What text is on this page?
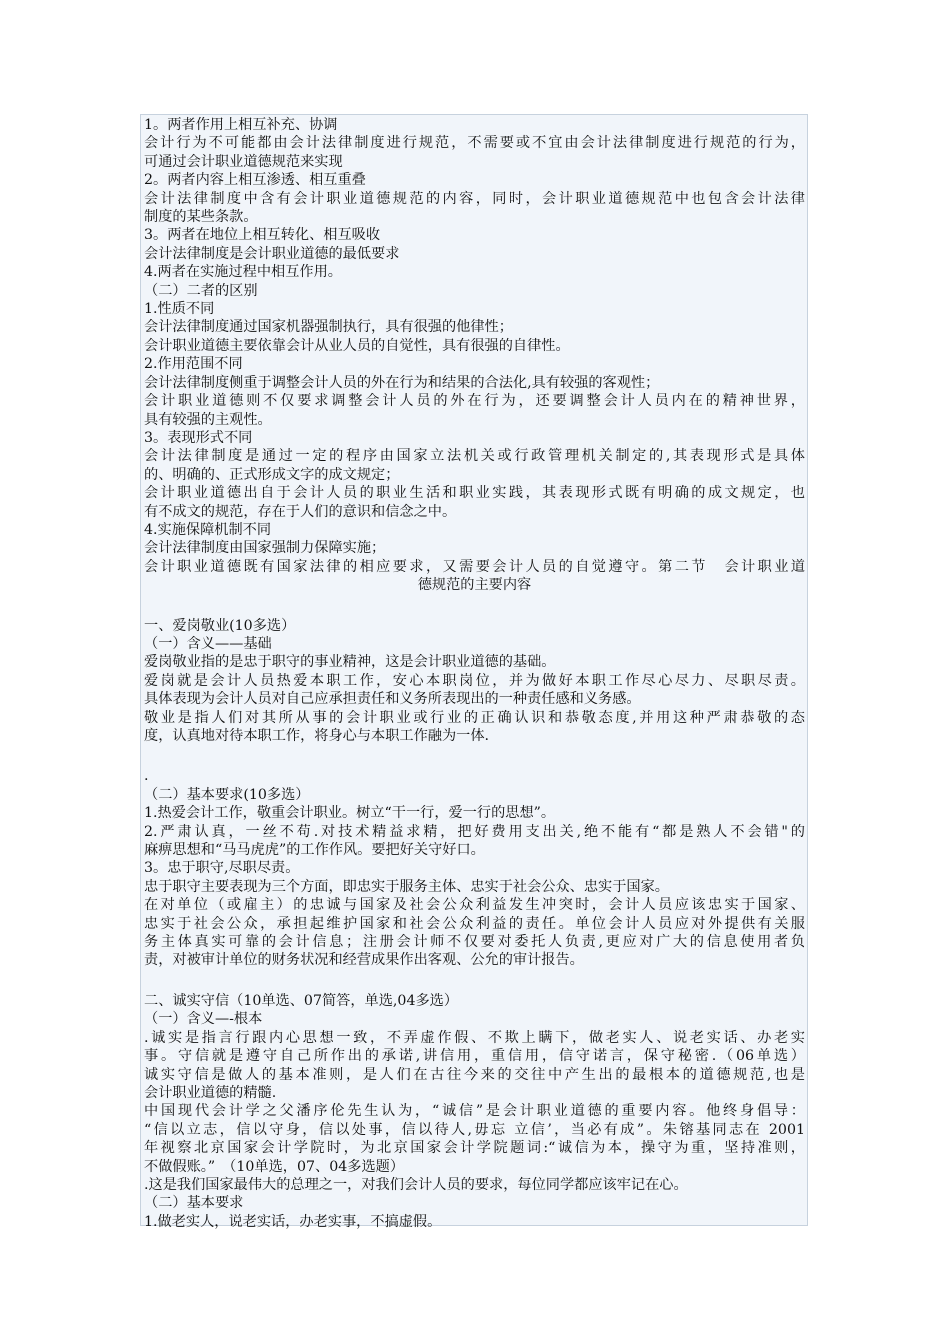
1。两者作用上相互补充、协调
会计行为不可能都由会计法律制度进行规范，不需要或不宜由会计法律制度进行规范的行为，
可通过会计职业道德规范来实现
2。两者内容上相互渗透、相互重叠
会计法律制度中含有会计职业道德规范的内容，同时，会计职业道德规范中也包含会计法律
制度的某些条款。
3。两者在地位上相互转化、相互吸收
会计法律制度是会计职业道德的最低要求
4.两者在实施过程中相互作用。
（二）二者的区别
1.性质不同
会计法律制度通过国家机器强制执行，具有很强的他律性；
会计职业道德主要依靠会计从业人员的自觉性，具有很强的自律性。
2.作用范围不同
会计法律制度侧重于调整会计人员的外在行为和结果的合法化,具有较强的客观性；
会计职业道德则不仅要求调整会计人员的外在行为，还要调整会计人员内在的精神世界，
具有较强的主观性。
3。表现形式不同
会计法律制度是通过一定的程序由国家立法机关或行政管理机关制定的,其表现形式是具体
的、明确的、正式形成文字的成文规定；
会计职业道德出自于会计人员的职业生活和职业实践，其表现形式既有明确的成文规定，也
有不成文的规范，存在于人们的意识和信念之中。
4.实施保障机制不同
会计法律制度由国家强制力保障实施；
会计职业道德既有国家法律的相应要求，又需要会计人员的自觉遵守。第二节　会计职业道
德规范的主要内容
一、爱岗敬业(10多选）
（一）含义——基础
爱岗敬业指的是忠于职守的事业精神，这是会计职业道德的基础。
爱岗就是会计人员热爱本职工作，安心本职岗位，并为做好本职工作尽心尽力、尽职尽责。
具体表现为会计人员对自己应承担责任和义务所表现出的一种责任感和义务感。
敬业是指人们对其所从事的会计职业或行业的正确认识和恭敬态度,并用这种严肃恭敬的态
度，认真地对待本职工作，将身心与本职工作融为一体.
.
（二）基本要求(10多选）
1.热爱会计工作，敬重会计职业。树立“干一行，爱一行的思想”。
2.严肃认真，一丝不苟.对技术精益求精，把好费用支出关,绝不能有“都是熟人不会错"的
麻痹思想和“马马虎虎”的工作作风。要把好关守好口。
3。忠于职守,尽职尽责。
忠于职守主要表现为三个方面，即忠实于服务主体、忠实于社会公众、忠实于国家。
在对单位（或雇主）的忠诚与国家及社会公众利益发生冲突时，会计人员应该忠实于国家、
忠实于社会公众，承担起维护国家和社会公众利益的责任。单位会计人员应对外提供有关服
务主体真实可靠的会计信息；注册会计师不仅要对委托人负责,更应对广大的信息使用者负
责，对被审计单位的财务状况和经营成果作出客观、公允的审计报告。
二、诚实守信（10单选、07简答，单选,04多选）
（一）含义—-根本
.诚实是指言行跟内心思想一致，不弄虚作假、不欺上瞒下，做老实人、说老实话、办老实
事。守信就是遵守自己所作出的承诺,讲信用，重信用，信守诺言，保守秘密.（06单选）
诚实守信是做人的基本准则，是人们在古往今来的交往中产生出的最根本的道德规范,也是
会计职业道德的精髓.
中国现代会计学之父潘序伦先生认为，“诚信”是会计职业道德的重要内容。他终身倡导：
“信以立志，信以守身，信以处事，信以待人,毋忘 立信’，当必有成”。朱镕基同志在 2001
年视察北京国家会计学院时，为北京国家会计学院题词:“诚信为本，操守为重，坚持准则，
不做假账。”　（10单选，07、04多选题）
.这是我们国家最伟大的总理之一，对我们会计人员的要求，每位同学都应该牢记在心。
（二）基本要求
1.做老实人，说老实话，办老实事，不搞虚假。
